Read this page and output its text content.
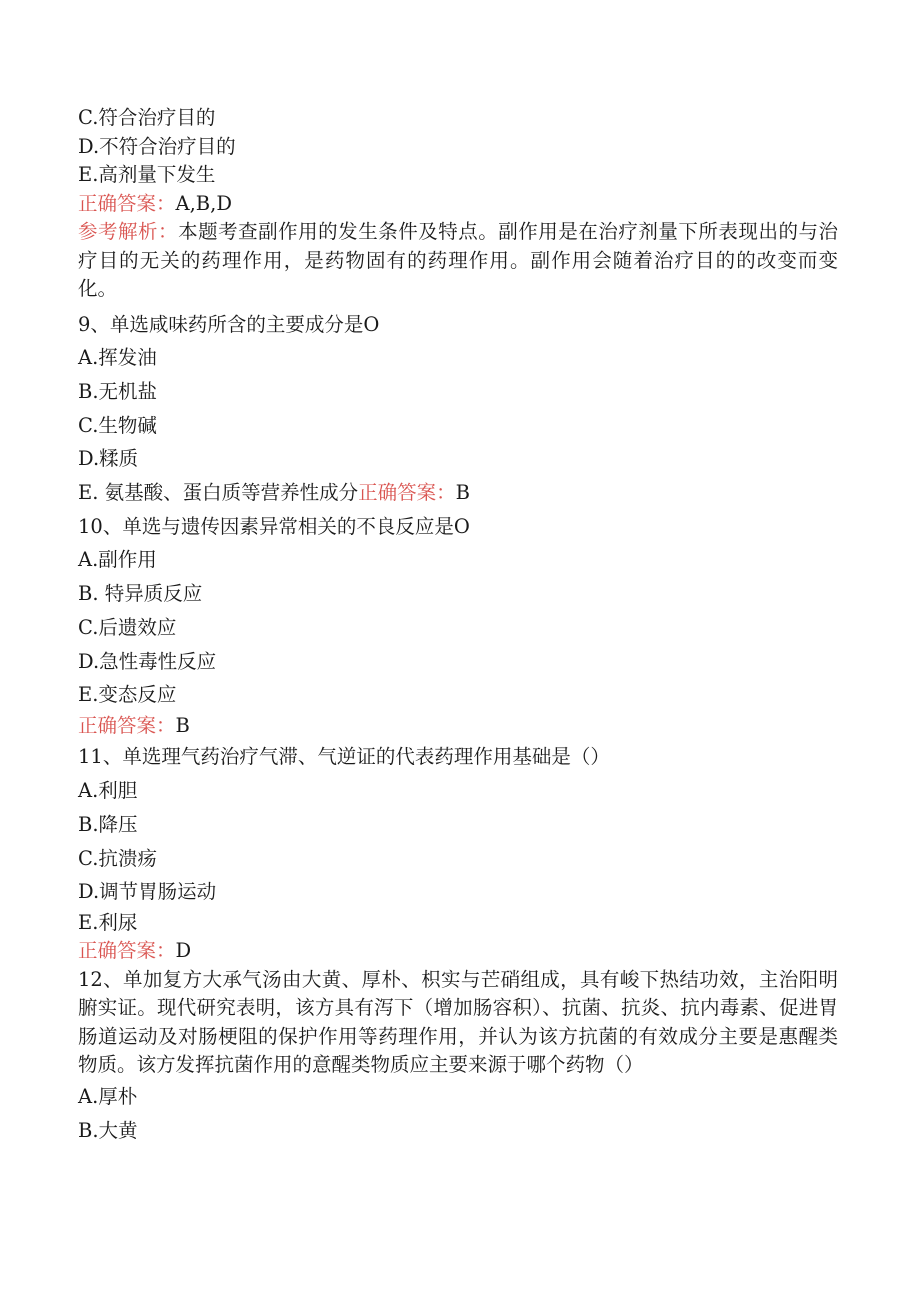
C.符合治疗目的
D.不符合治疗目的
E.高剂量下发生
正确答案：A,B,D
参考解析：本题考查副作用的发生条件及特点。副作用是在治疗剂量下所表现出的与治疗目的无关的药理作用，是药物固有的药理作用。副作用会随着治疗目的的改变而变化。
9、单选咸味药所含的主要成分是O
A.挥发油
B.无机盐
C.生物碱
D.糅质
E. 氨基酸、蛋白质等营养性成分正确答案：B
10、单选与遗传因素异常相关的不良反应是O
A.副作用
B. 特异质反应
C.后遗效应
D.急性毒性反应
E.变态反应
正确答案：B
11、单选理气药治疗气滞、气逆证的代表药理作用基础是（）
A.利胆
B.降压
C.抗溃疡
D.调节胃肠运动
E.利尿
正确答案：D
12、单加复方大承气汤由大黄、厚朴、枳实与芒硝组成，具有峻下热结功效，主治阳明腑实证。现代研究表明，该方具有泻下（增加肠容积）、抗菌、抗炎、抗内毒素、促进胃肠道运动及对肠梗阻的保护作用等药理作用，并认为该方抗菌的有效成分主要是惠醒类物质。该方发挥抗菌作用的意醒类物质应主要来源于哪个药物（）
A.厚朴
B.大黄
